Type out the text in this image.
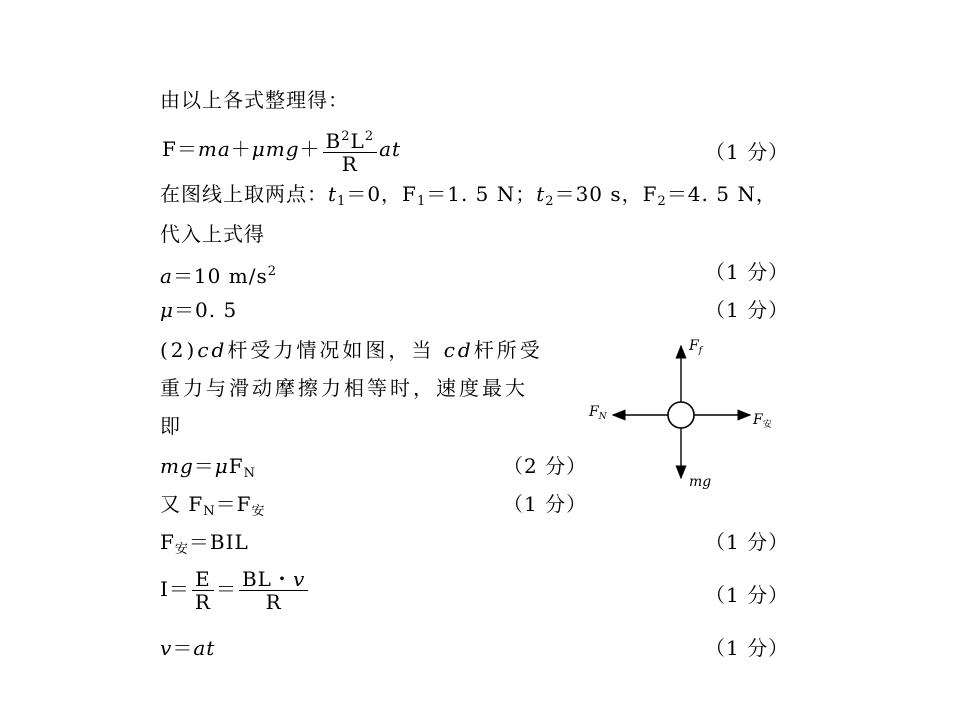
由以上各式整理得：
$F=ma+\mu mg+ \frac{B^2L^2}{R}$ at	（1 分）
在图线上取两点：$t_1=0$，$F_1=1$. 5 N；$t_2=30$ s，$F_2=4$. 5 N，
代入上式得
a＝10 $m/s^2$	（1 分）
μ＝0. 5	（1 分）
(2)cd杆受力情况如图，当 cd杆所受
重力与滑动摩擦力相等时，速度最大
即
$mg=\mu F_N$	（2 分）
又 $F_N=F_安$	（1 分）
$F_安=BIL$	（1 分）
$I= \frac{E}{R} = \frac{BL・v}{R}$	（1 分）
v＝at	（1 分）
$F_f$
$F_N$	$F_安$
mg
